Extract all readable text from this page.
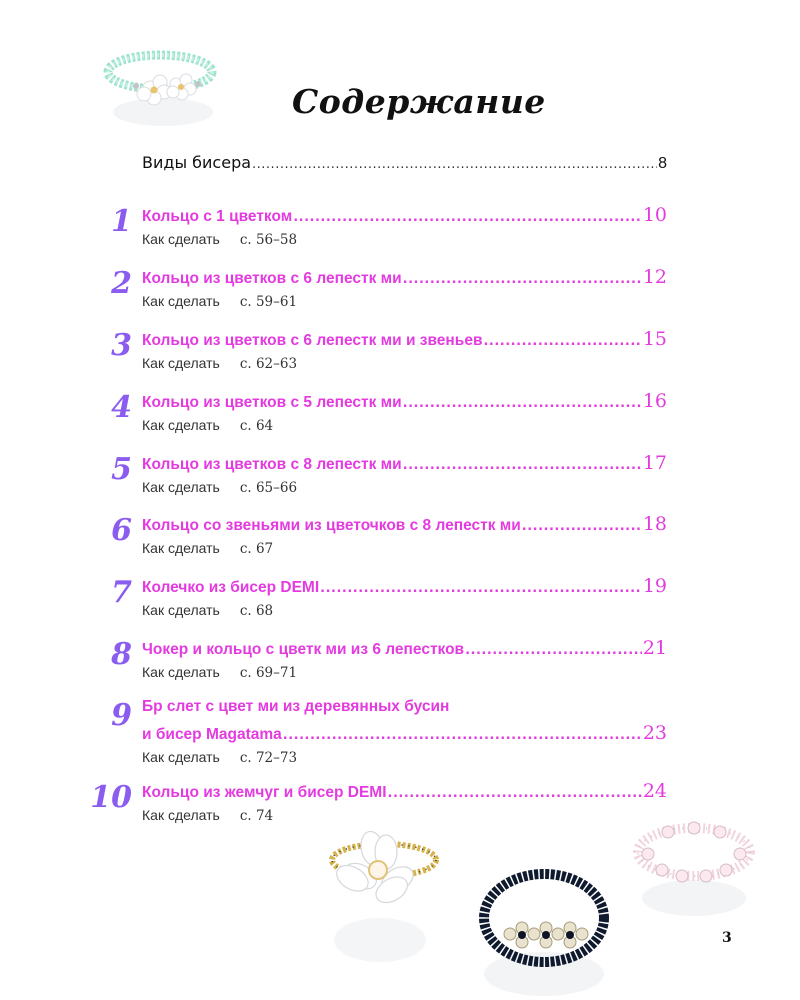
Содержание
Виды бисера .....	8
1 Кольцо с 1 цветком .....	10
Как сделать с. 56–58
2 Кольцо из цветков с 6 лепестк ми .....	12
Как сделать с. 59–61
3 Кольцо из цветков с 6 лепестк ми и звеньев .....	15
Как сделать с. 62–63
4 Кольцо из цветков с 5 лепестк ми .....	16
Как сделать с. 64
5 Кольцо из цветков с 8 лепестк ми .....	17
Как сделать с. 65–66
6 Кольцо со звеньями из цветочков с 8 лепестк ми .....	18
Как сделать с. 67
7 Колечко из бисер DEMI .....	19
Как сделать с. 68
8 Чокер и кольцо с цветк ми из 6 лепестков .....	21
Как сделать с. 69–71
9 Бр слет с цвет ми из деревянных бусин
и бисер Magatama .....	23
Как сделать с. 72–73
10 Кольцо из жемчуг и бисер DEMI .....	24
Как сделать с. 74
3
